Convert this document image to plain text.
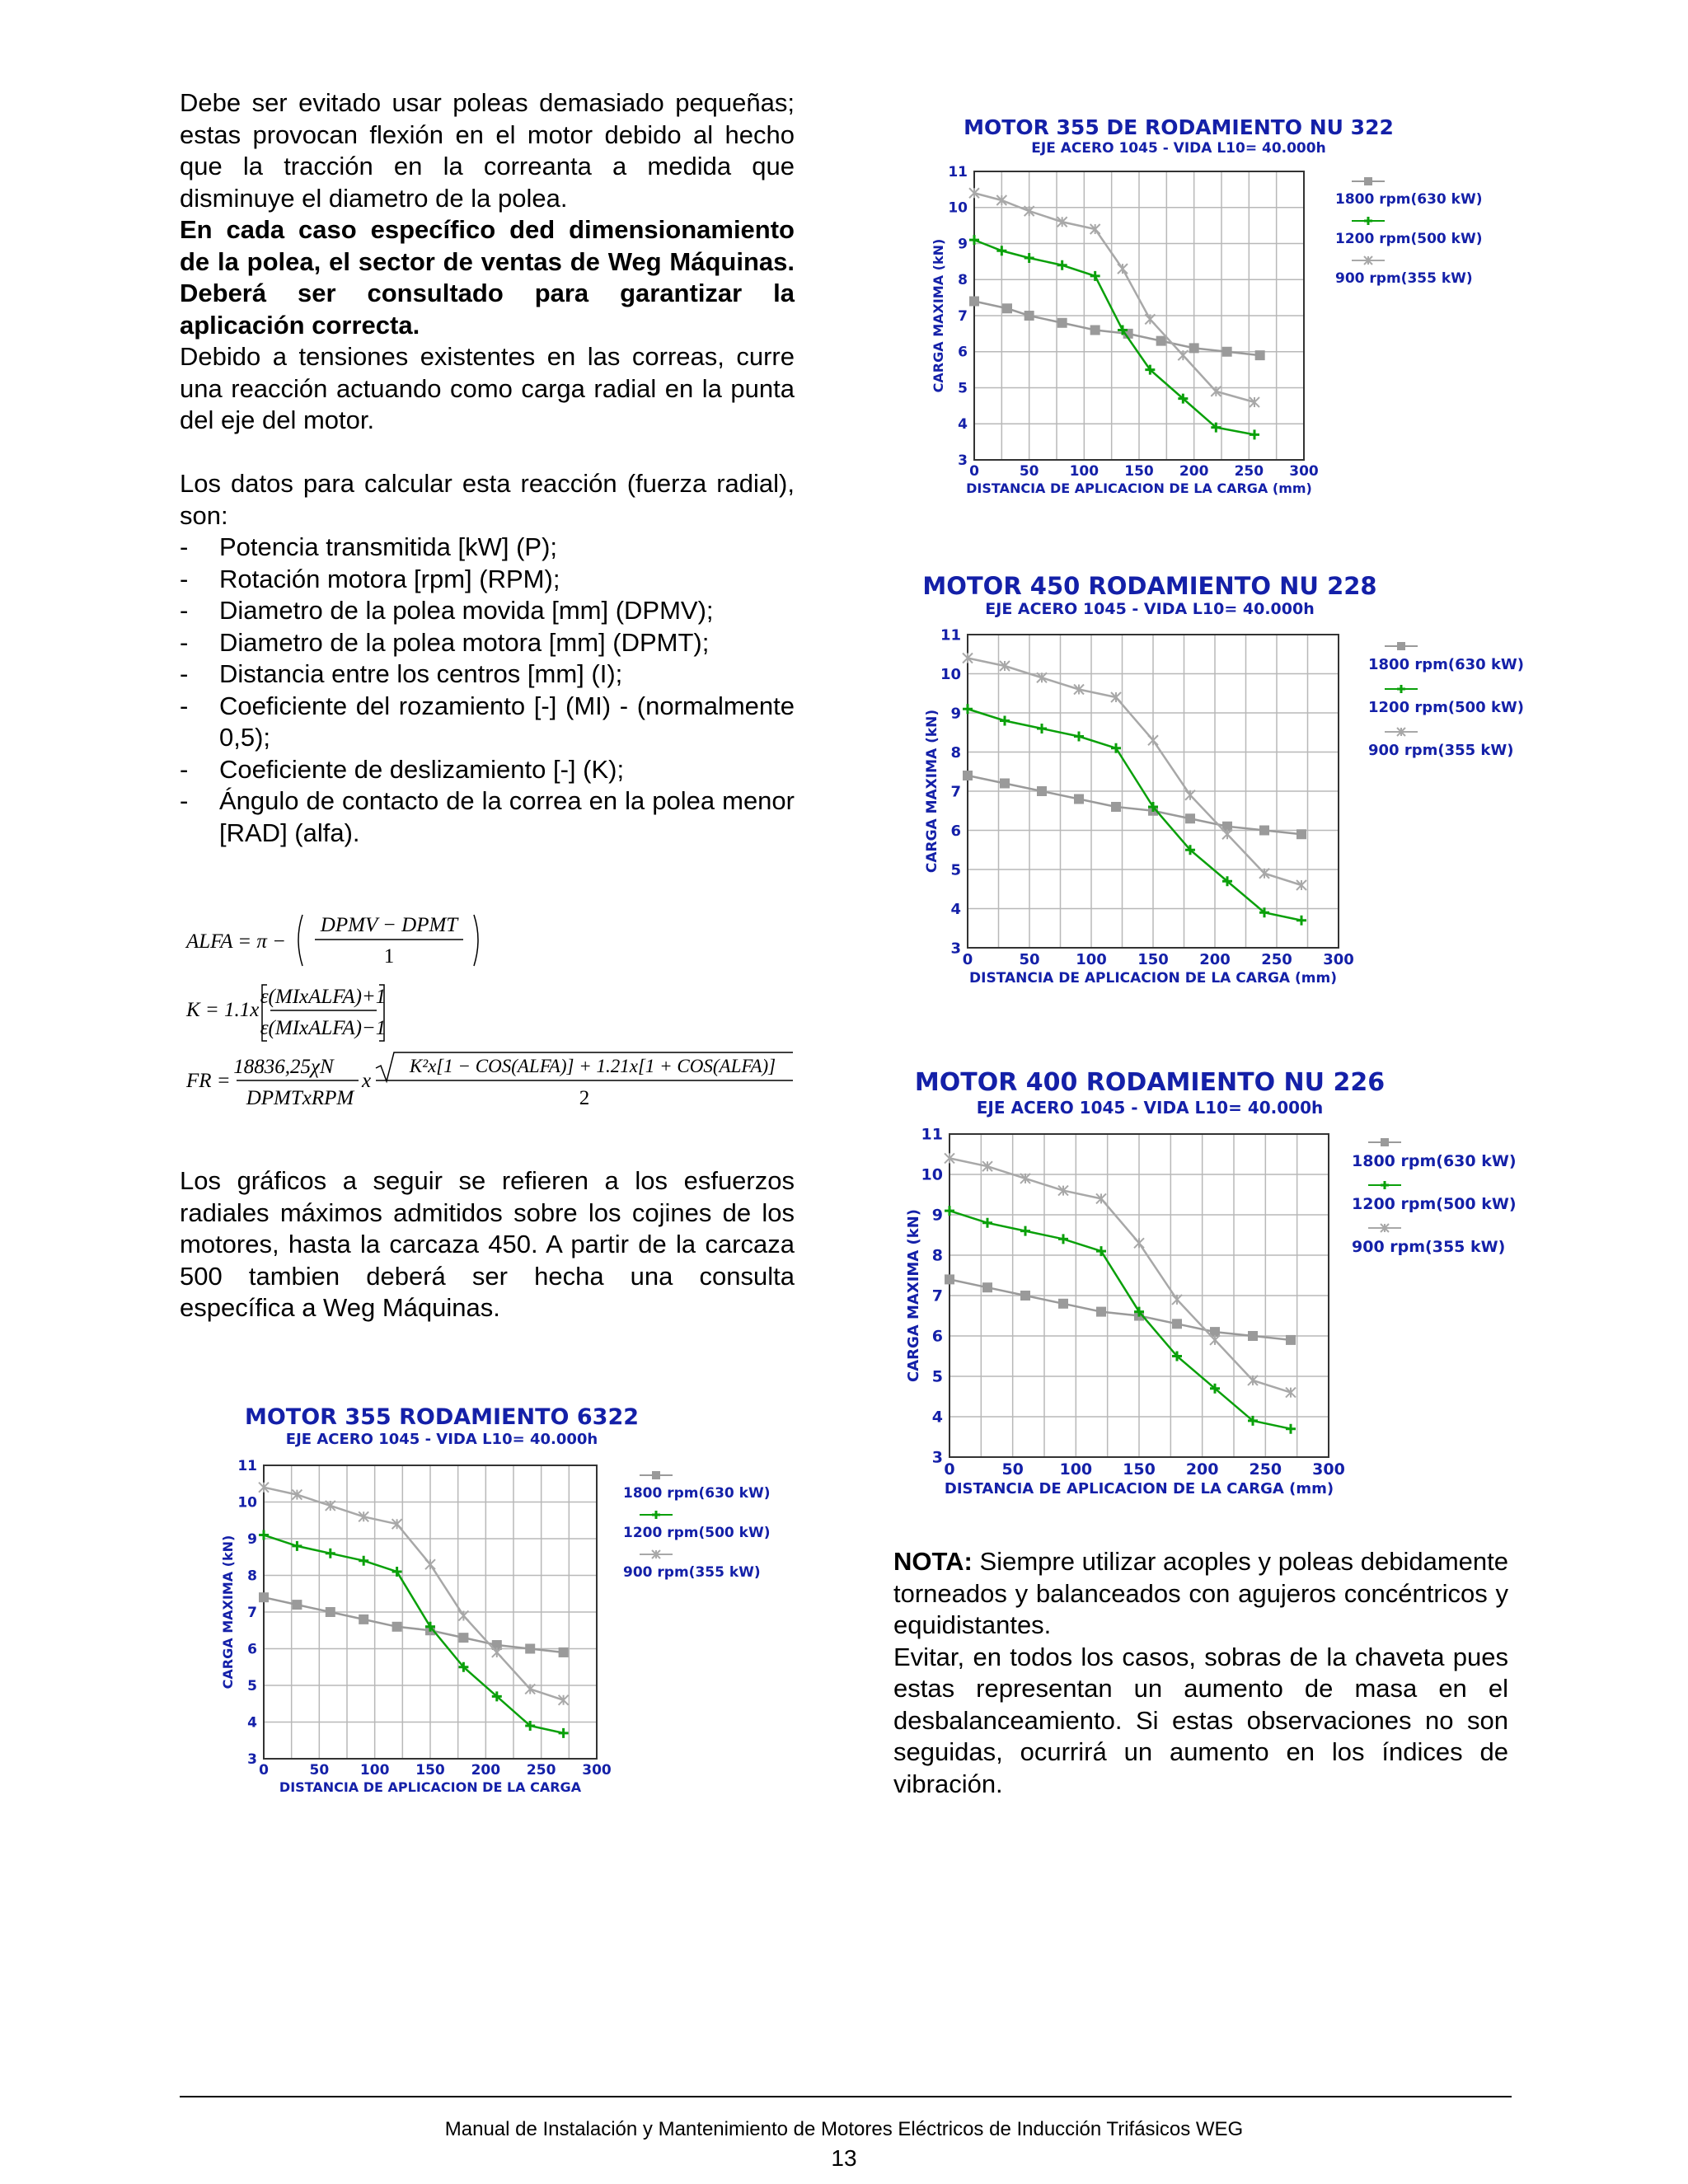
Debe ser evitado usar poleas demasiado pequeñas; estas provocan flexión en el motor debido al hecho que la tracción en la correanta a medida que disminuye el diametro de la polea.

En cada caso específico ded dimensionamiento de la polea, el sector de ventas de Weg Máquinas. Deberá ser consultado para garantizar la aplicación correcta.

Debido a tensiones existentes en las correas, curre una reacción actuando como carga radial en la punta del eje del motor.

Los datos para calcular esta reacción (fuerza radial), son:

- Potencia transmitida [kW] (P);
- Rotación motora [rpm] (RPM);
- Diametro de la polea movida [mm] (DPMV);
- Diametro de la polea motora [mm] (DPMT);
- Distancia entre los centros [mm] (I);
- Coeficiente del rozamiento [-] (MI) - (normalmente 0,5);
- Coeficiente de deslizamiento [-] (K);
- Ángulo de contacto de la correa en la polea menor [RAD] (alfa).
ALFA = π −
DPMV − DPMT
1
K = 1.1x
ε(MIxALFA)+1
ε(MIxALFA)−1
FR =
18836,25χN
DPMTxRPM
x
K²x[1 − COS(ALFA)] + 1.21x[1 + COS(ALFA)]
2

Los gráficos a seguir se refieren a los esfuerzos radiales máximos admitidos sobre los cojines de los motores, hasta la carcaza 450. A partir de la carcaza 500 tambien deberá ser hecha una consulta específica a Weg Máquinas.

MOTOR 355 DE RODAMIENTO NU 322
EJE ACERO 1045 - VIDA L10= 40.000h
3
4
5
6
7
8
9
10
11
0	50 100 150 200 250 300
DISTANCIA DE APLICACION DE LA CARGA (mm)
CARGA MAXIMA (kN)
1800 rpm(630 kW)
1200 rpm(500 kW)
900 rpm(355 kW)
MOTOR 450 RODAMIENTO NU 228
EJE ACERO 1045 - VIDA L10= 40.000h
3
4
5
6
7
8
9
10
11
0	50 100 150 200 250 300
DISTANCIA DE APLICACION DE LA CARGA (mm)
CARGA MAXIMA (kN)
1800 rpm(630 kW)
1200 rpm(500 kW)
900 rpm(355 kW)
MOTOR 400 RODAMIENTO NU 226
EJE ACERO 1045 - VIDA L10= 40.000h
3
4
5
6
7
8
9
10
11
0	50 100 150 200 250 300
DISTANCIA DE APLICACION DE LA CARGA (mm)
CARGA MAXIMA (kN)
1800 rpm(630 kW)
1200 rpm(500 kW)
900 rpm(355 kW)
MOTOR 355 RODAMIENTO 6322
EJE ACERO 1045 - VIDA L10= 40.000h
3
4
5
6
7
8
9
10
11
0	50 100 150 200 250 300
DISTANCIA DE APLICACION DE LA CARGA
CARGA MAXIMA (kN)
1800 rpm(630 kW)
1200 rpm(500 kW)
900 rpm(355 kW)	NOTA: Siempre utilizar acoples y poleas debidamente torneados y balanceados con agujeros concéntricos y equidistantes.

Evitar, en todos los casos, sobras de la chaveta pues estas representan un aumento de masa en el desbalanceamiento. Si estas observaciones no son seguidas, ocurrirá un aumento en los índices de vibración.

Manual de Instalación y Mantenimiento de Motores Eléctricos de Inducción Trifásicos WEG
13
